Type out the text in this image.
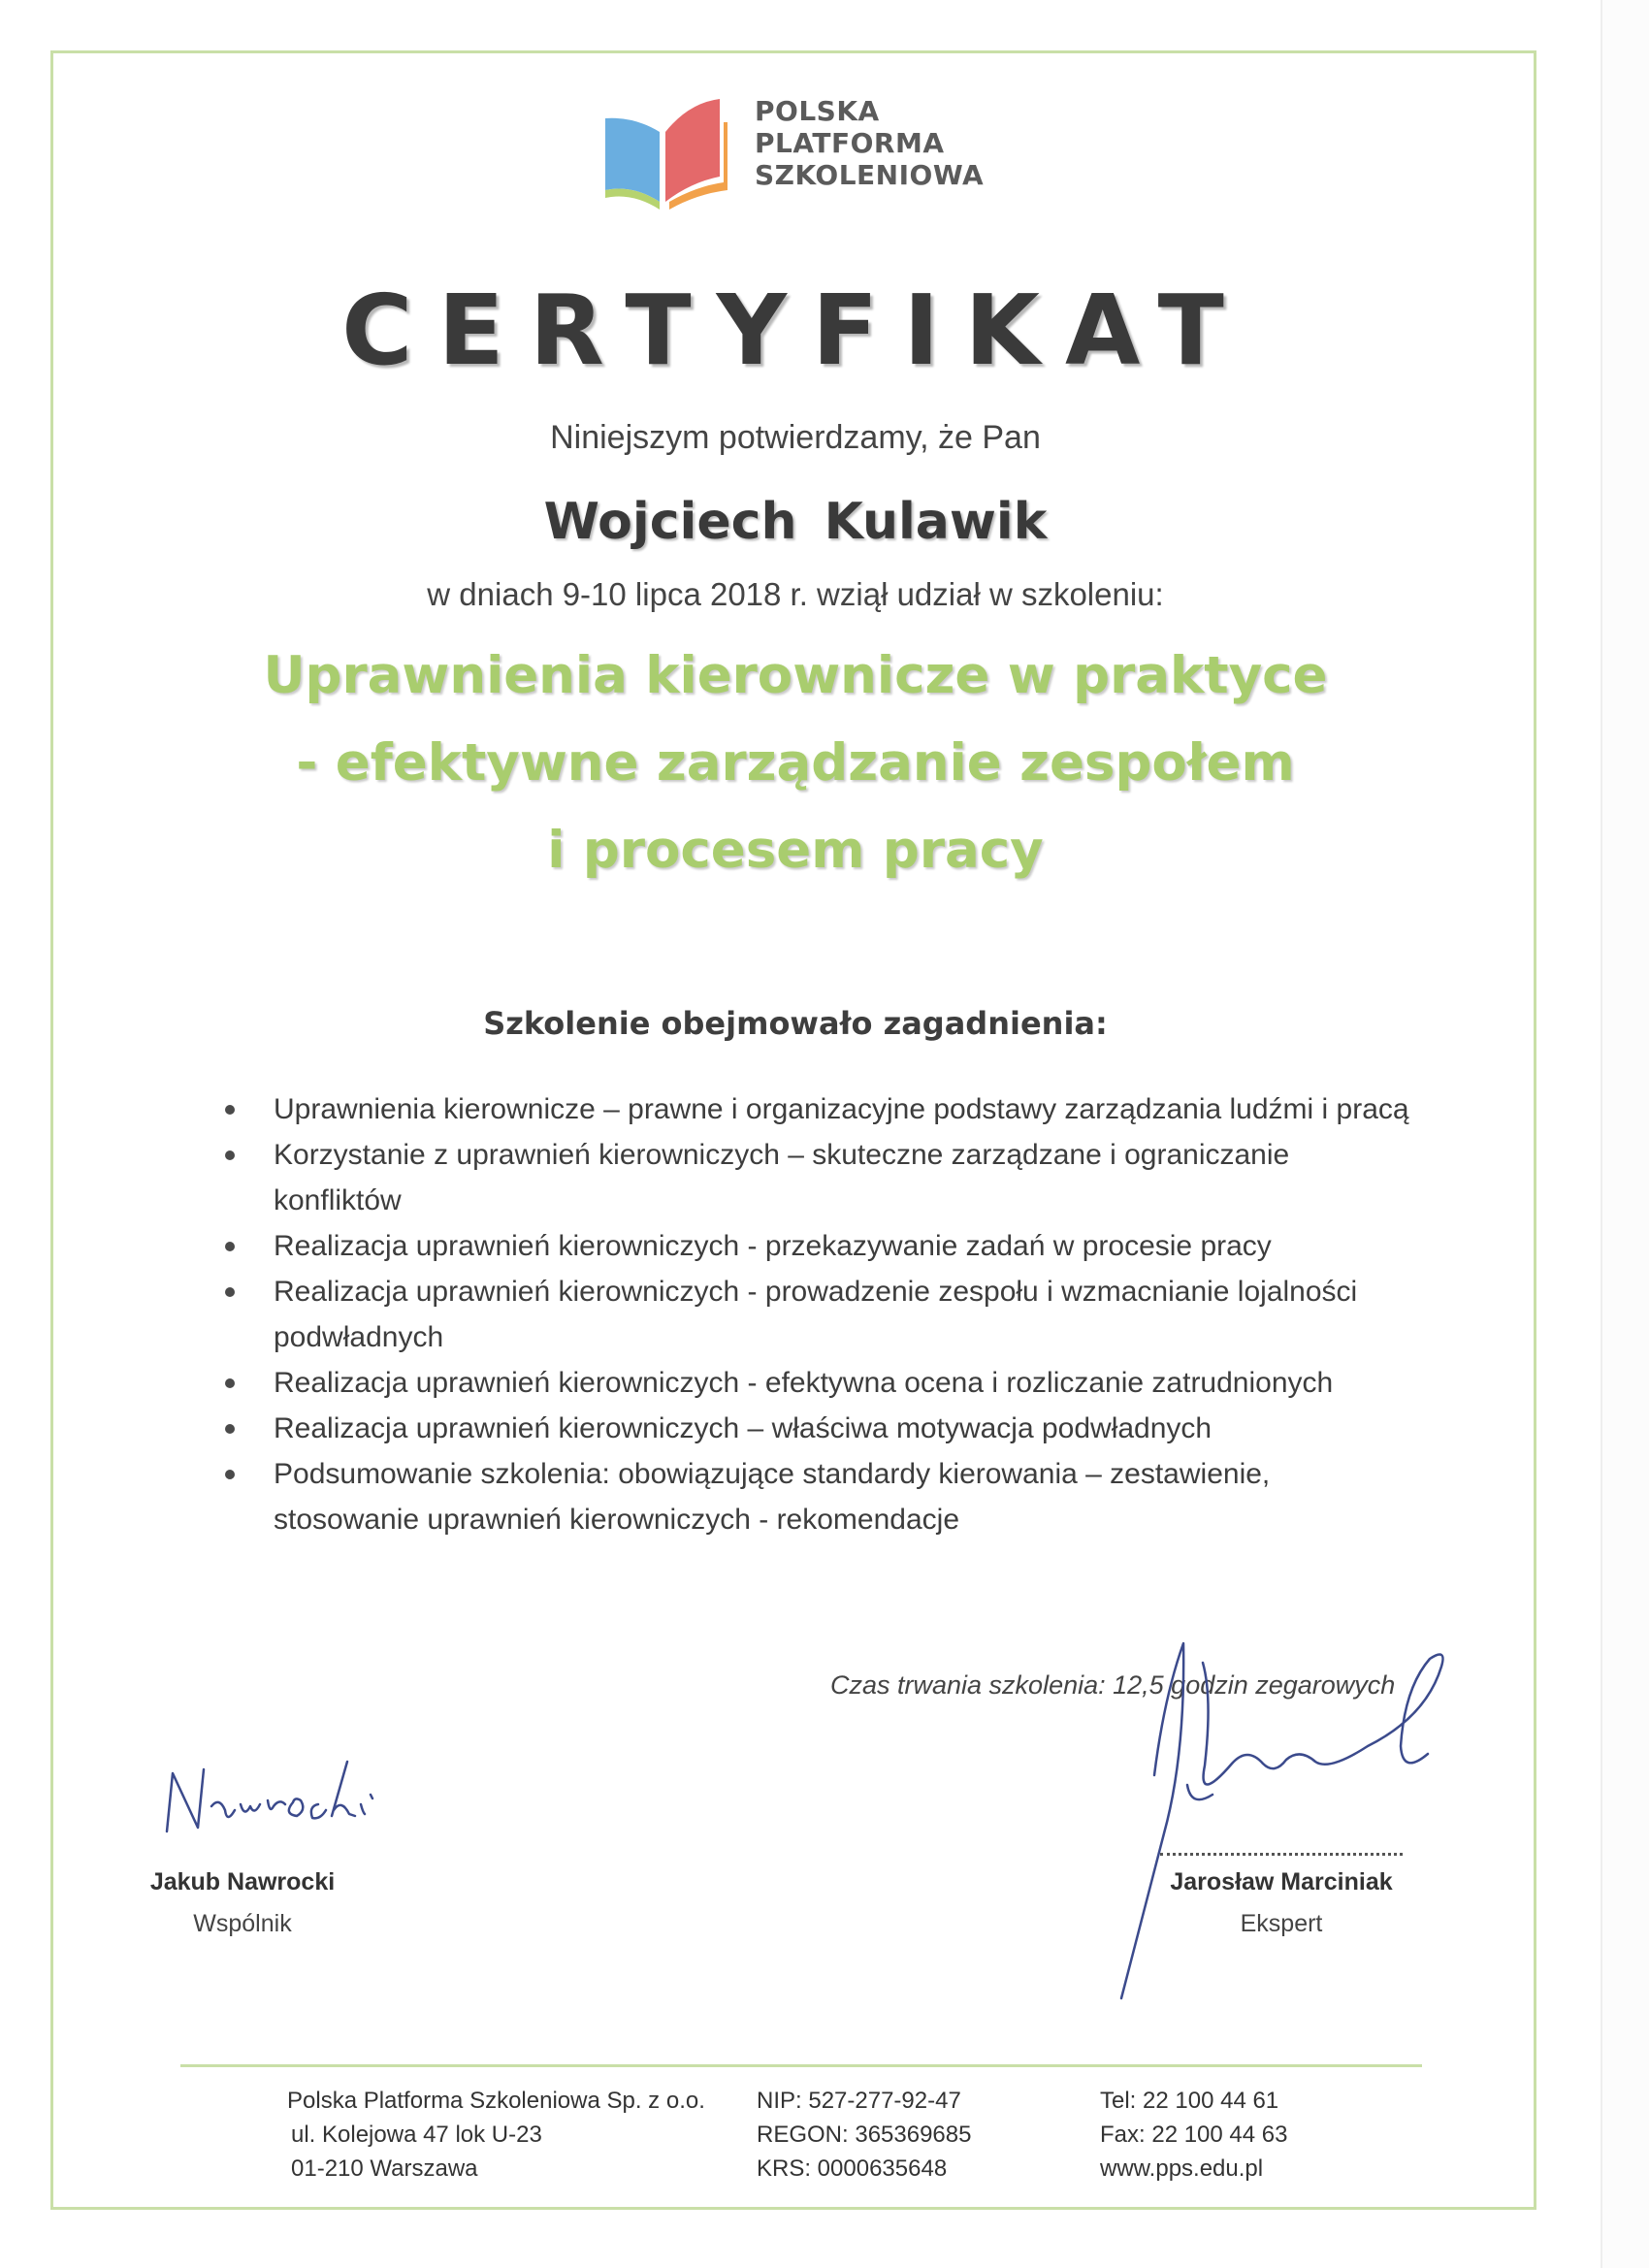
POLSKA
PLATFORMA
SZKOLENIOWA
CERTYFIKAT
Niniejszym potwierdzamy, że Pan
Wojciech Kulawik
w dniach 9-10 lipca 2018 r. wziął udział w szkoleniu:
Uprawnienia kierownicze w praktyce
- efektywne zarządzanie zespołem
i procesem pracy
Szkolenie obejmowało zagadnienia:
Uprawnienia kierownicze – prawne i organizacyjne podstawy zarządzania ludźmi i pracą
Korzystanie z uprawnień kierowniczych – skuteczne zarządzane i ograniczanie konfliktów
Realizacja uprawnień kierowniczych - przekazywanie zadań w procesie pracy
Realizacja uprawnień kierowniczych - prowadzenie zespołu i wzmacnianie lojalności podwładnych
Realizacja uprawnień kierowniczych - efektywna ocena i rozliczanie zatrudnionych
Realizacja uprawnień kierowniczych – właściwa motywacja podwładnych
Podsumowanie szkolenia: obowiązujące standardy kierowania – zestawienie, stosowanie uprawnień kierowniczych - rekomendacje
Czas trwania szkolenia: 12,5 godzin zegarowych
Jakub Nawrocki
Wspólnik
Jarosław Marciniak
Ekspert
Polska Platforma Szkoleniowa Sp. z o.o.
ul. Kolejowa 47 lok U-23
01-210 Warszawa
NIP: 527-277-92-47
REGON: 365369685
KRS: 0000635648
Tel: 22 100 44 61
Fax: 22 100 44 63
www.pps.edu.pl
